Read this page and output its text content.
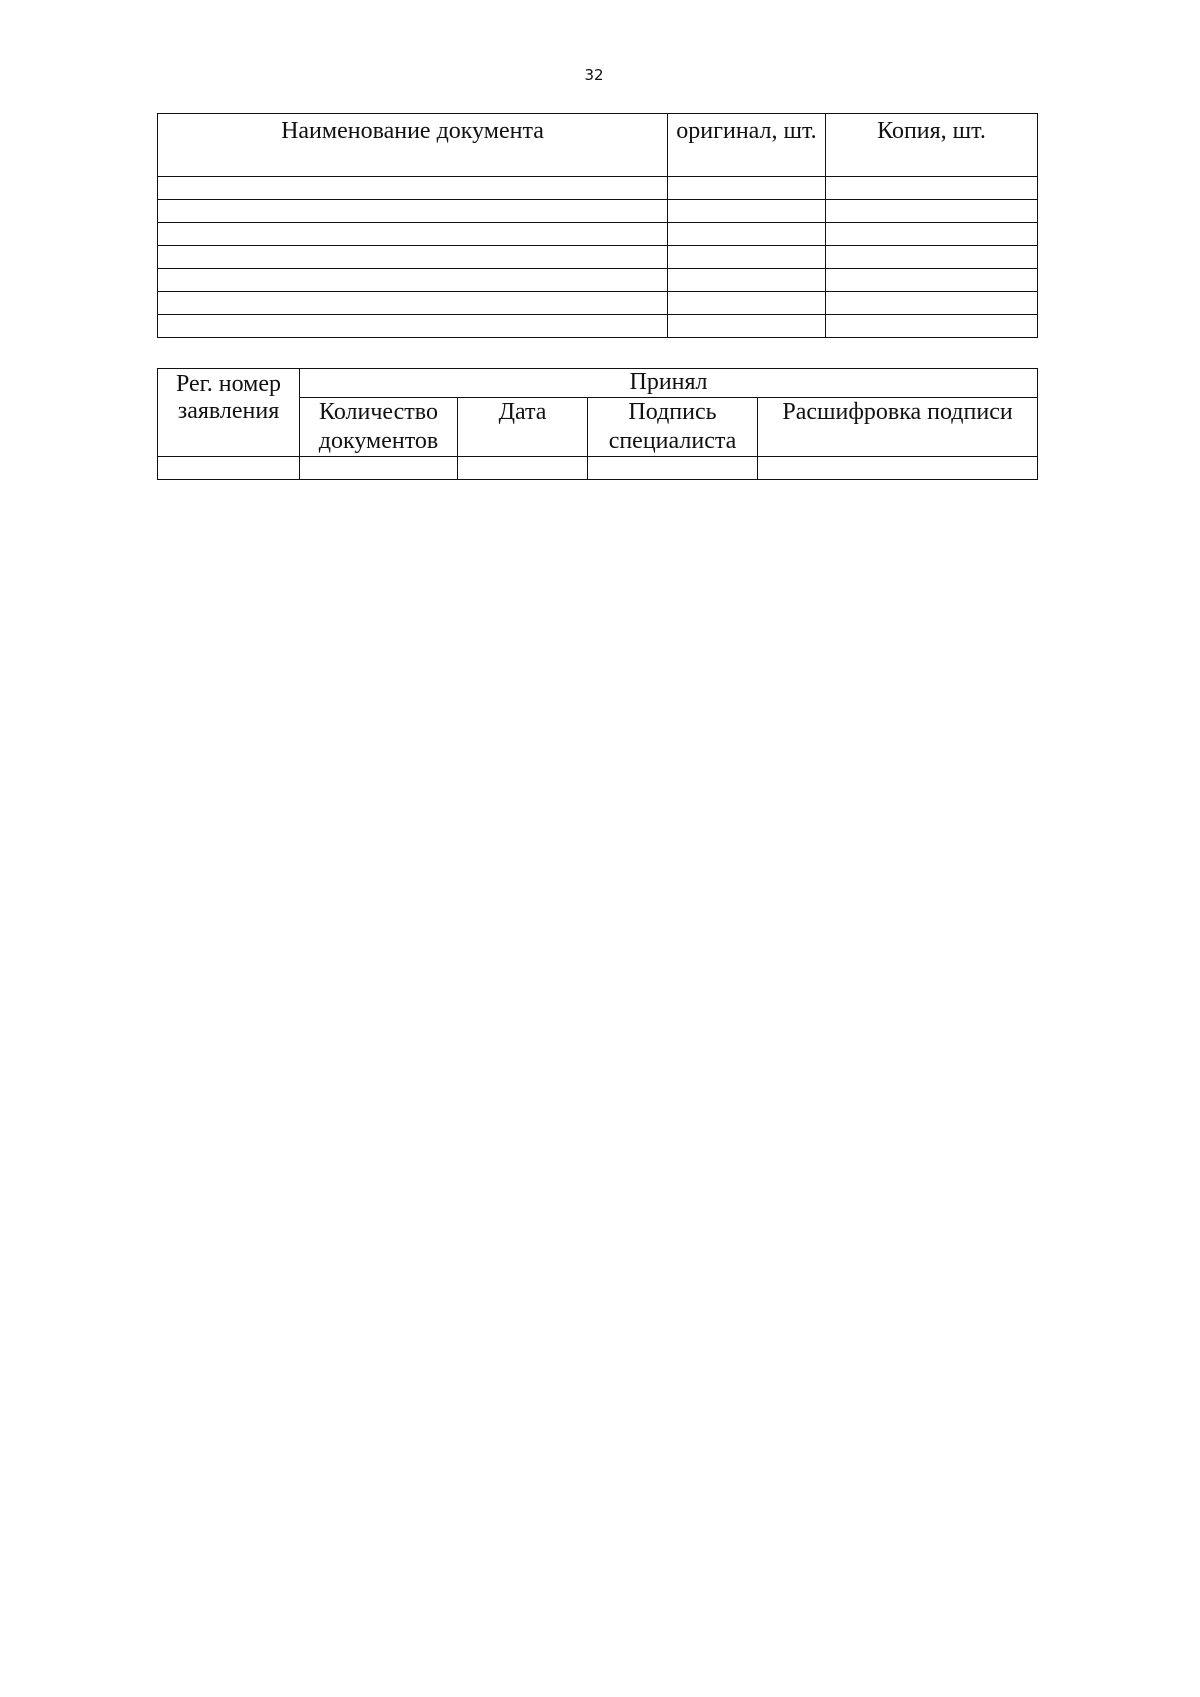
32
Наименование документа	оригинал, шт.	Копия, шт.

Рег. номер заявления	Принял			
	Количество документов	Дата	Подпись специалиста	Расшифровка подписи
